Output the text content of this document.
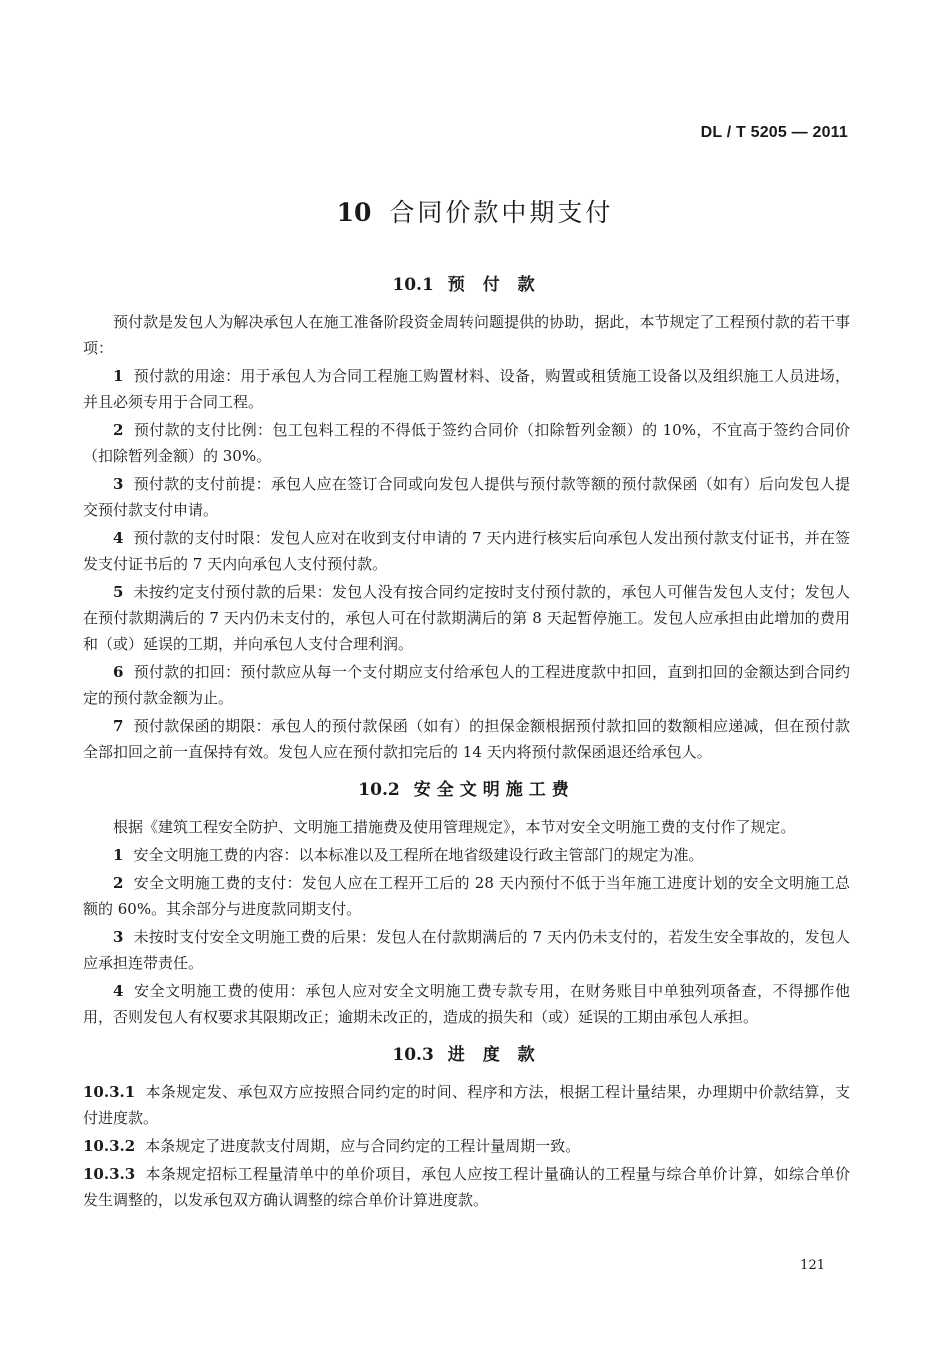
DL / T 5205 — 2011
10 合同价款中期支付
10.1 预 付 款

预付款是发包人为解决承包人在施工准备阶段资金周转问题提供的协助，据此，本节规定了工程预付款的若干事项：

1 预付款的用途：用于承包人为合同工程施工购置材料、设备，购置或租赁施工设备以及组织施工人员进场，并且必须专用于合同工程。

2 预付款的支付比例：包工包料工程的不得低于签约合同价（扣除暂列金额）的 10%，不宜高于签约合同价（扣除暂列金额）的 30%。

3 预付款的支付前提：承包人应在签订合同或向发包人提供与预付款等额的预付款保函（如有）后向发包人提交预付款支付申请。

4 预付款的支付时限：发包人应对在收到支付申请的 7 天内进行核实后向承包人发出预付款支付证书，并在签发支付证书后的 7 天内向承包人支付预付款。

5 未按约定支付预付款的后果：发包人没有按合同约定按时支付预付款的，承包人可催告发包人支付；发包人在预付款期满后的 7 天内仍未支付的，承包人可在付款期满后的第 8 天起暂停施工。发包人应承担由此增加的费用和（或）延误的工期，并向承包人支付合理利润。

6 预付款的扣回：预付款应从每一个支付期应支付给承包人的工程进度款中扣回，直到扣回的金额达到合同约定的预付款金额为止。

7 预付款保函的期限：承包人的预付款保函（如有）的担保金额根据预付款扣回的数额相应递减，但在预付款全部扣回之前一直保持有效。发包人应在预付款扣完后的 14 天内将预付款保函退还给承包人。

10.2 安全文明施工费

根据《建筑工程安全防护、文明施工措施费及使用管理规定》，本节对安全文明施工费的支付作了规定。

1 安全文明施工费的内容：以本标准以及工程所在地省级建设行政主管部门的规定为准。

2 安全文明施工费的支付：发包人应在工程开工后的 28 天内预付不低于当年施工进度计划的安全文明施工总额的 60%。其余部分与进度款同期支付。

3 未按时支付安全文明施工费的后果：发包人在付款期满后的 7 天内仍未支付的，若发生安全事故的，发包人应承担连带责任。

4 安全文明施工费的使用：承包人应对安全文明施工费专款专用，在财务账目中单独列项备查，不得挪作他用，否则发包人有权要求其限期改正；逾期未改正的，造成的损失和（或）延误的工期由承包人承担。

10.3 进 度 款

10.3.1 本条规定发、承包双方应按照合同约定的时间、程序和方法，根据工程计量结果，办理期中价款结算，支付进度款。

10.3.2 本条规定了进度款支付周期，应与合同约定的工程计量周期一致。

10.3.3 本条规定招标工程量清单中的单价项目，承包人应按工程计量确认的工程量与综合单价计算，如综合单价发生调整的，以发承包双方确认调整的综合单价计算进度款。

121
